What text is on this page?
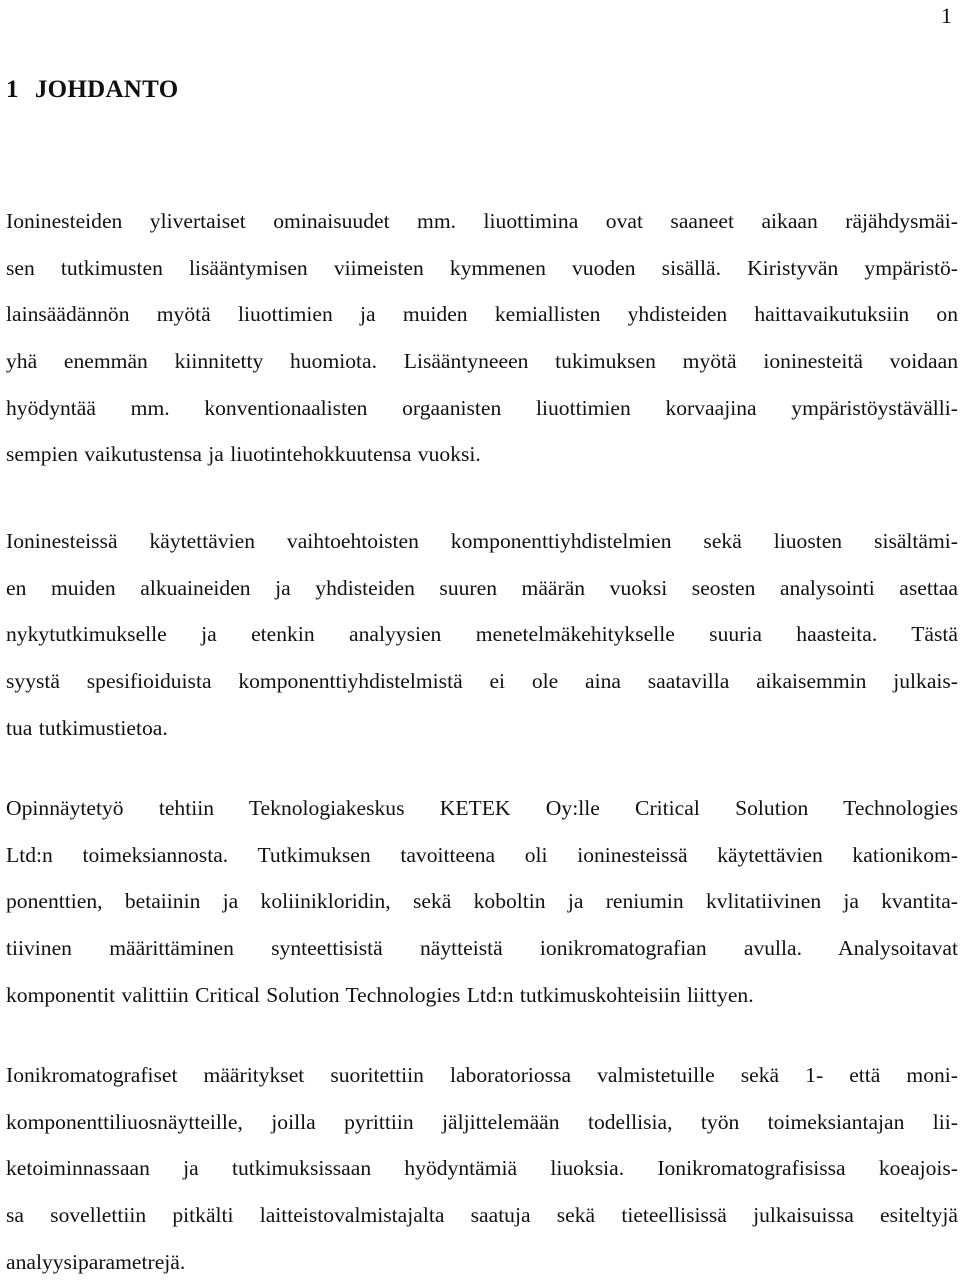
1
1 JOHDANTO
Ioninesteiden ylivertaiset ominaisuudet mm. liuottimina ovat saaneet aikaan räjähdysmäi-
sen tutkimusten lisääntymisen viimeisten kymmenen vuoden sisällä. Kiristyvän ympäristö-
lainsäädännön myötä liuottimien ja muiden kemiallisten yhdisteiden haittavaikutuksiin on
yhä enemmän kiinnitetty huomiota. Lisääntyneeen tukimuksen myötä ioninesteitä voidaan
hyödyntää mm. konventionaalisten orgaanisten liuottimien korvaajina ympäristöystävälli-
sempien vaikutustensa ja liuotintehokkuutensa vuoksi.
Ioninesteissä käytettävien vaihtoehtoisten komponenttiyhdistelmien sekä liuosten sisältämi-
en muiden alkuaineiden ja yhdisteiden suuren määrän vuoksi seosten analysointi asettaa
nykytutkimukselle ja etenkin analyysien menetelmäkehitykselle suuria haasteita. Tästä
syystä spesifioiduista komponenttiyhdistelmistä ei ole aina saatavilla aikaisemmin julkais-
tua tutkimustietoa.
Opinnäytetyö tehtiin Teknologiakeskus KETEK Oy:lle Critical Solution Technologies
Ltd:n toimeksiannosta. Tutkimuksen tavoitteena oli ioninesteissä käytettävien kationikom-
ponenttien, betaiinin ja koliinikloridin, sekä koboltin ja reniumin kvlitatiivinen ja kvantita-
tiivinen määrittäminen synteettisistä näytteistä ionikromatografian avulla. Analysoitavat
komponentit valittiin Critical Solution Technologies Ltd:n tutkimuskohteisiin liittyen.
Ionikromatografiset määritykset suoritettiin laboratoriossa valmistetuille sekä 1- että moni-
komponenttiliuosnäytteille, joilla pyrittiin jäljittelemään todellisia, työn toimeksiantajan lii-
ketoiminnassaan ja tutkimuksissaan hyödyntämiä liuoksia. Ionikromatografisissa koeajois-
sa sovellettiin pitkälti laitteistovalmistajalta saatuja sekä tieteellisissä julkaisuissa esiteltyjä
analyysiparametrejä.
